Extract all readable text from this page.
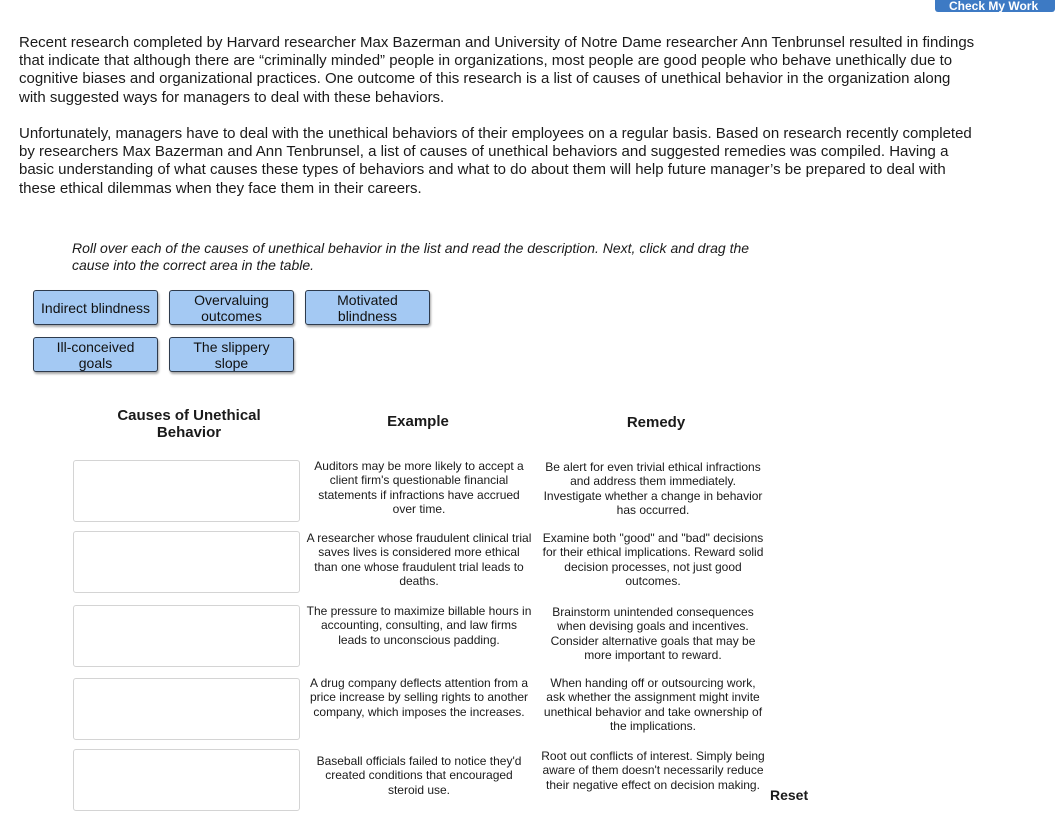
Check My Work

Recent research completed by Harvard researcher Max Bazerman and University of Notre Dame researcher Ann Tenbrunsel resulted in findings that indicate that although there are “criminally minded” people in organizations, most people are good people who behave unethically due to cognitive biases and organizational practices. One outcome of this research is a list of causes of unethical behavior in the organization along with suggested ways for managers to deal with these behaviors.

Unfortunately, managers have to deal with the unethical behaviors of their employees on a regular basis. Based on research recently completed by researchers Max Bazerman and Ann Tenbrunsel, a list of causes of unethical behaviors and suggested remedies was compiled. Having a basic understanding of what causes these types of behaviors and what to do about them will help future manager’s be prepared to deal with these ethical dilemmas when they face them in their careers.

Roll over each of the causes of unethical behavior in the list and read the description. Next, click and drag the cause into the correct area in the table.

Indirect blindness	Overvaluing
outcomes
Motivated
blindness
Ill-conceived
goals
The slippery
slope
Causes of Unethical
Behavior
Example	Remedy

Auditors may be more likely to accept a client firm's questionable financial statements if infractions have accrued over time.

Be alert for even trivial ethical infractions and address them immediately. Investigate whether a change in behavior has occurred.

A researcher whose fraudulent clinical trial saves lives is considered more ethical than one whose fraudulent trial leads to deaths.

Examine both "good" and "bad" decisions for their ethical implications. Reward solid decision processes, not just good outcomes.

The pressure to maximize billable hours in accounting, consulting, and law firms leads to unconscious padding.

Brainstorm unintended consequences when devising goals and incentives. Consider alternative goals that may be more important to reward.

A drug company deflects attention from a price increase by selling rights to another company, which imposes the increases.

When handing off or outsourcing work, ask whether the assignment might invite unethical behavior and take ownership of the implications.

Baseball officials failed to notice they'd created conditions that encouraged steroid use.

Root out conflicts of interest. Simply being aware of them doesn't necessarily reduce their negative effect on decision making.

Reset
